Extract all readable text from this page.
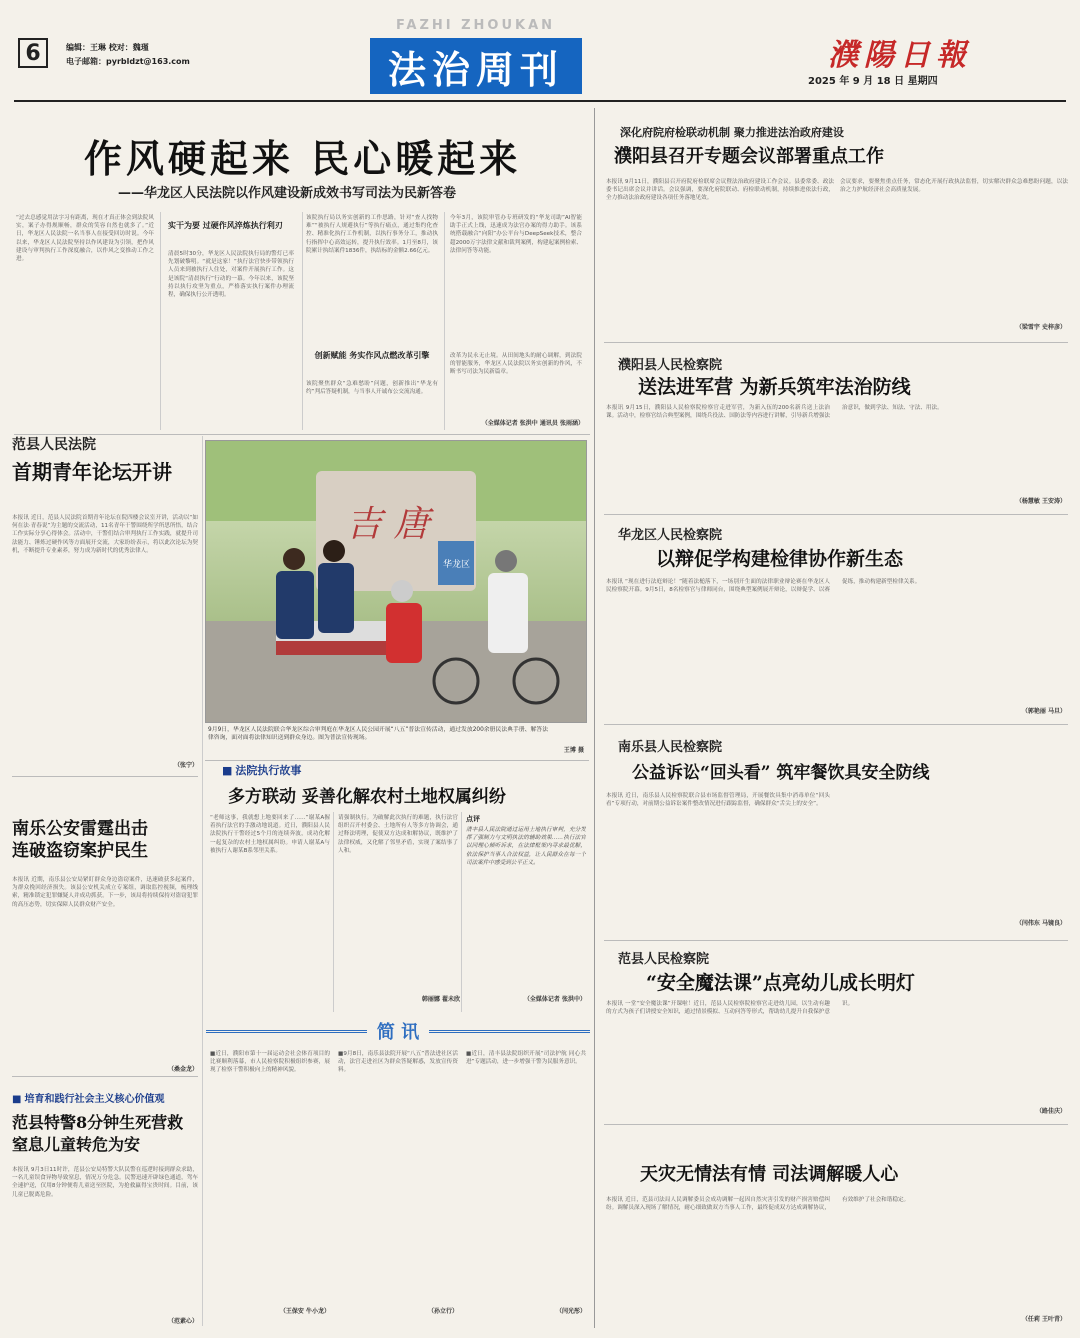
6	编辑：王琳 校对：魏瑾
电子邮箱：pyrbldzt@163.com
FAZHI ZHOUKAN
法治周刊	濮陽日報
2025 年 9 月 18 日 星期四
作风硬起来 民心暖起来
——华龙区人民法院以作风建设新成效书写司法为民新答卷
“过去总感觉用法字习有距离，现在才真正体会到法院风实，案子办得规顺畅，群众的笑容自然也就多了。”近日，华龙区人民法院一名当事人在接受回访时说。今年以来，华龙区人民法院坚持以作风建设为引领，把作风建设与审判执行工作深度融合，以作风之变推动工作之进。
实干为要 过硬作风淬炼执行利刃
清晨5时30分，华龙区人民法院执行局的警灯已率先划破黎明。“就是这家！”执行法官快步带领执行人员来到被执行人住处，对案件开展执行工作。这是该院“清晨执行”行动的一幕。今年以来，该院坚持以执行攻坚为重点，严格落实执行案件办理流程，确保执行公开透明。
该院执行局以务实创新的工作思路，针对“查人找物难”“被执行人规避执行”等执行痛点，通过集约化查控、精准化执行工作机制，以执行事务分工，推动执行指挥中心高效运转，提升执行效率。1月至8月，该院累计执结案件1836件，执结标的金额2.66亿元。
创新赋能 务实作风点燃改革引擎
该院聚焦群众“急难愁盼”问题，创新推出“华龙有约”判后答疑机制，与当事人开诚布公交流沟通。
今年3月，该院审管办专班研发的“华龙司助”AI智能助手正式上线，迅速成为法官办案的得力助手。该系统搭载融合“向阳”办公平台与DeepSeek技术，整合超2000万字法律文献和裁判案例，构建起案例检索、法律问答等功能。
改革为民永无止境。从田间地头的耐心调解，到法院的智能服务，华龙区人民法院以务实创新的作风，不断书写司法为民新篇章。
（全媒体记者 张洪中 通讯员 张雨涵）
范县人民法院
首期青年论坛开讲
本报讯 近日，范县人民法院首期青年论坛在院四楼会议室开讲，活动以“如何在法·青春说”为主题的交流活动，11名青年干警围绕所学所思所悟，结合工作实际分享心得体会。活动中，干警们结合审判执行工作实践，就提升司法能力、锤炼过硬作风等方面展开交流，大家纷纷表示，将以此次论坛为契机，不断提升专业素养，努力成为新时代的优秀法律人。
（张宁）
吉 唐
华龙区
9月9日，华龙区人民法院联合华龙区综合审判庭在华龙区人民公园开展“八五”普法宣传活动，通过发放200余册民法典手册、解答法律咨询，面对面将法律知识送到群众身边。图为普法宣传现场。
王博 摄
南乐公安雷霆出击
连破盗窃案护民生
本报讯 近期，南乐县公安局紧盯群众身边盗窃案件，迅速破获多起案件，为群众挽回经济损失。该县公安机关成立专案组，调取监控视频，梳理线索，精准锁定犯罪嫌疑人并成功抓获。下一步，该局将持续保持对盗窃犯罪的高压态势，切实保障人民群众财产安全。
（桑金龙）
■ 培育和践行社会主义核心价值观
范县特警8分钟生死营救
窒息儿童转危为安
本报讯 9月3日11时许，范县公安局特警大队民警在巡逻时接到群众求助，一名儿童误食异物导致窒息，情况万分危急。民警迅速开辟绿色通道，驾车全速护送，仅用8分钟便将儿童送至医院，为抢救赢得宝贵时间。目前，该儿童已脱离危险。
（范素心）
■ 法院执行故事
多方联动 妥善化解农村土地权属纠纷
“老师这事，我就想上地要回来了……”谢某A握着执行法官的手激动地说道。近日，濮阳县人民法院执行干警经过5个月的连续奔波，成功化解一起复杂的农村土地权属纠纷。申请人谢某A与被执行人谢某B系邻里关系。
请强制执行。为破解此次执行的难题，执行法官组织召开村委会、土地所有人等多方协调会，通过释法明理，促使双方达成和解协议，既维护了法律权威，又化解了邻里矛盾，实现了案结事了人和。
点评
清丰县人民法院通过运用土地执行审判，充分发挥了强制力与文明执法的辅助效果……执行法官以同理心倾听诉求，在法律框架内寻求最优解，依法保护当事人合法权益，让人民群众在每一个司法案件中感受到公平正义。
韩丽娜 翟未欣	（全媒体记者 张洪中）
简 讯
■近日，濮阳市第十一届运动会社会体育项目的比赛顺利落幕，市人民检察院积极组织参赛，展现了检察干警积极向上的精神风貌。
（王保安 牛小龙）
■9月8日，南乐县法院开展“八五”普法进社区活动，法官走进社区为群众答疑解惑，发放宣传资料。
（孙立行）
■近日，清丰县法院组织开展“司法护航 同心共进”专题活动，进一步增强干警为民服务意识。
（闫光彤）
深化府院府检联动机制 聚力推进法治政府建设
濮阳县召开专题会议部署重点工作
本报讯 9月11日，濮阳县召开府院府检联席会议暨法治政府建设工作会议。县委常委、政法委书记出席会议并讲话。会议强调，要深化府院联动、府检联动机制，持续推进依法行政，全力推动法治政府建设各项任务落地见效。
会议要求，要聚焦重点任务，常态化开展行政执法监督，切实解决群众急难愁盼问题，以法治之力护航经济社会高质量发展。
（梁雪宇 史梓彦）
濮阳县人民检察院
送法进军营 为新兵筑牢法治防线
本报讯 9月15日，濮阳县人民检察院检察官走进军营，为新入伍的200名新兵送上法治课。活动中，检察官结合典型案例，围绕兵役法、国防法等内容进行讲解，引导新兵增强法治意识，做到学法、知法、守法、用法。
（杨慧敏 王安涛）
华龙区人民检察院
以辩促学构建检律协作新生态
本报讯 “现在进行法庭辩论！”随着法槌落下，一场别开生面的法律职业辩论赛在华龙区人民检察院开幕。9月5日，8名检察官与律师同台，围绕典型案例展开辩论，以辩促学、以赛促练，推动构建新型检律关系。
（郭艳丽 马旦）
南乐县人民检察院
公益诉讼“回头看” 筑牢餐饮具安全防线
本报讯 近日，南乐县人民检察院联合县市场监督管理局，开展餐饮具集中消毒单位“回头看”专项行动，对前期公益诉讼案件整改情况进行跟踪监督，确保群众“舌尖上的安全”。
（闫伟东 马镜良）
范县人民检察院
“安全魔法课”点亮幼儿成长明灯
本报讯 一堂“安全魔法课”开课啦！近日，范县人民检察院检察官走进幼儿园，以生动有趣的方式为孩子们讲授安全知识，通过情景模拟、互动问答等形式，帮助幼儿提升自我保护意识。
（路佳庆）
天灾无情法有情 司法调解暖人心
本报讯 近日，范县司法局人民调解委员会成功调解一起因自然灾害引发的财产损害赔偿纠纷。调解员深入现场了解情况，耐心细致做双方当事人工作，最终促成双方达成调解协议，有效维护了社会和谐稳定。
（任莉 王叶青）
